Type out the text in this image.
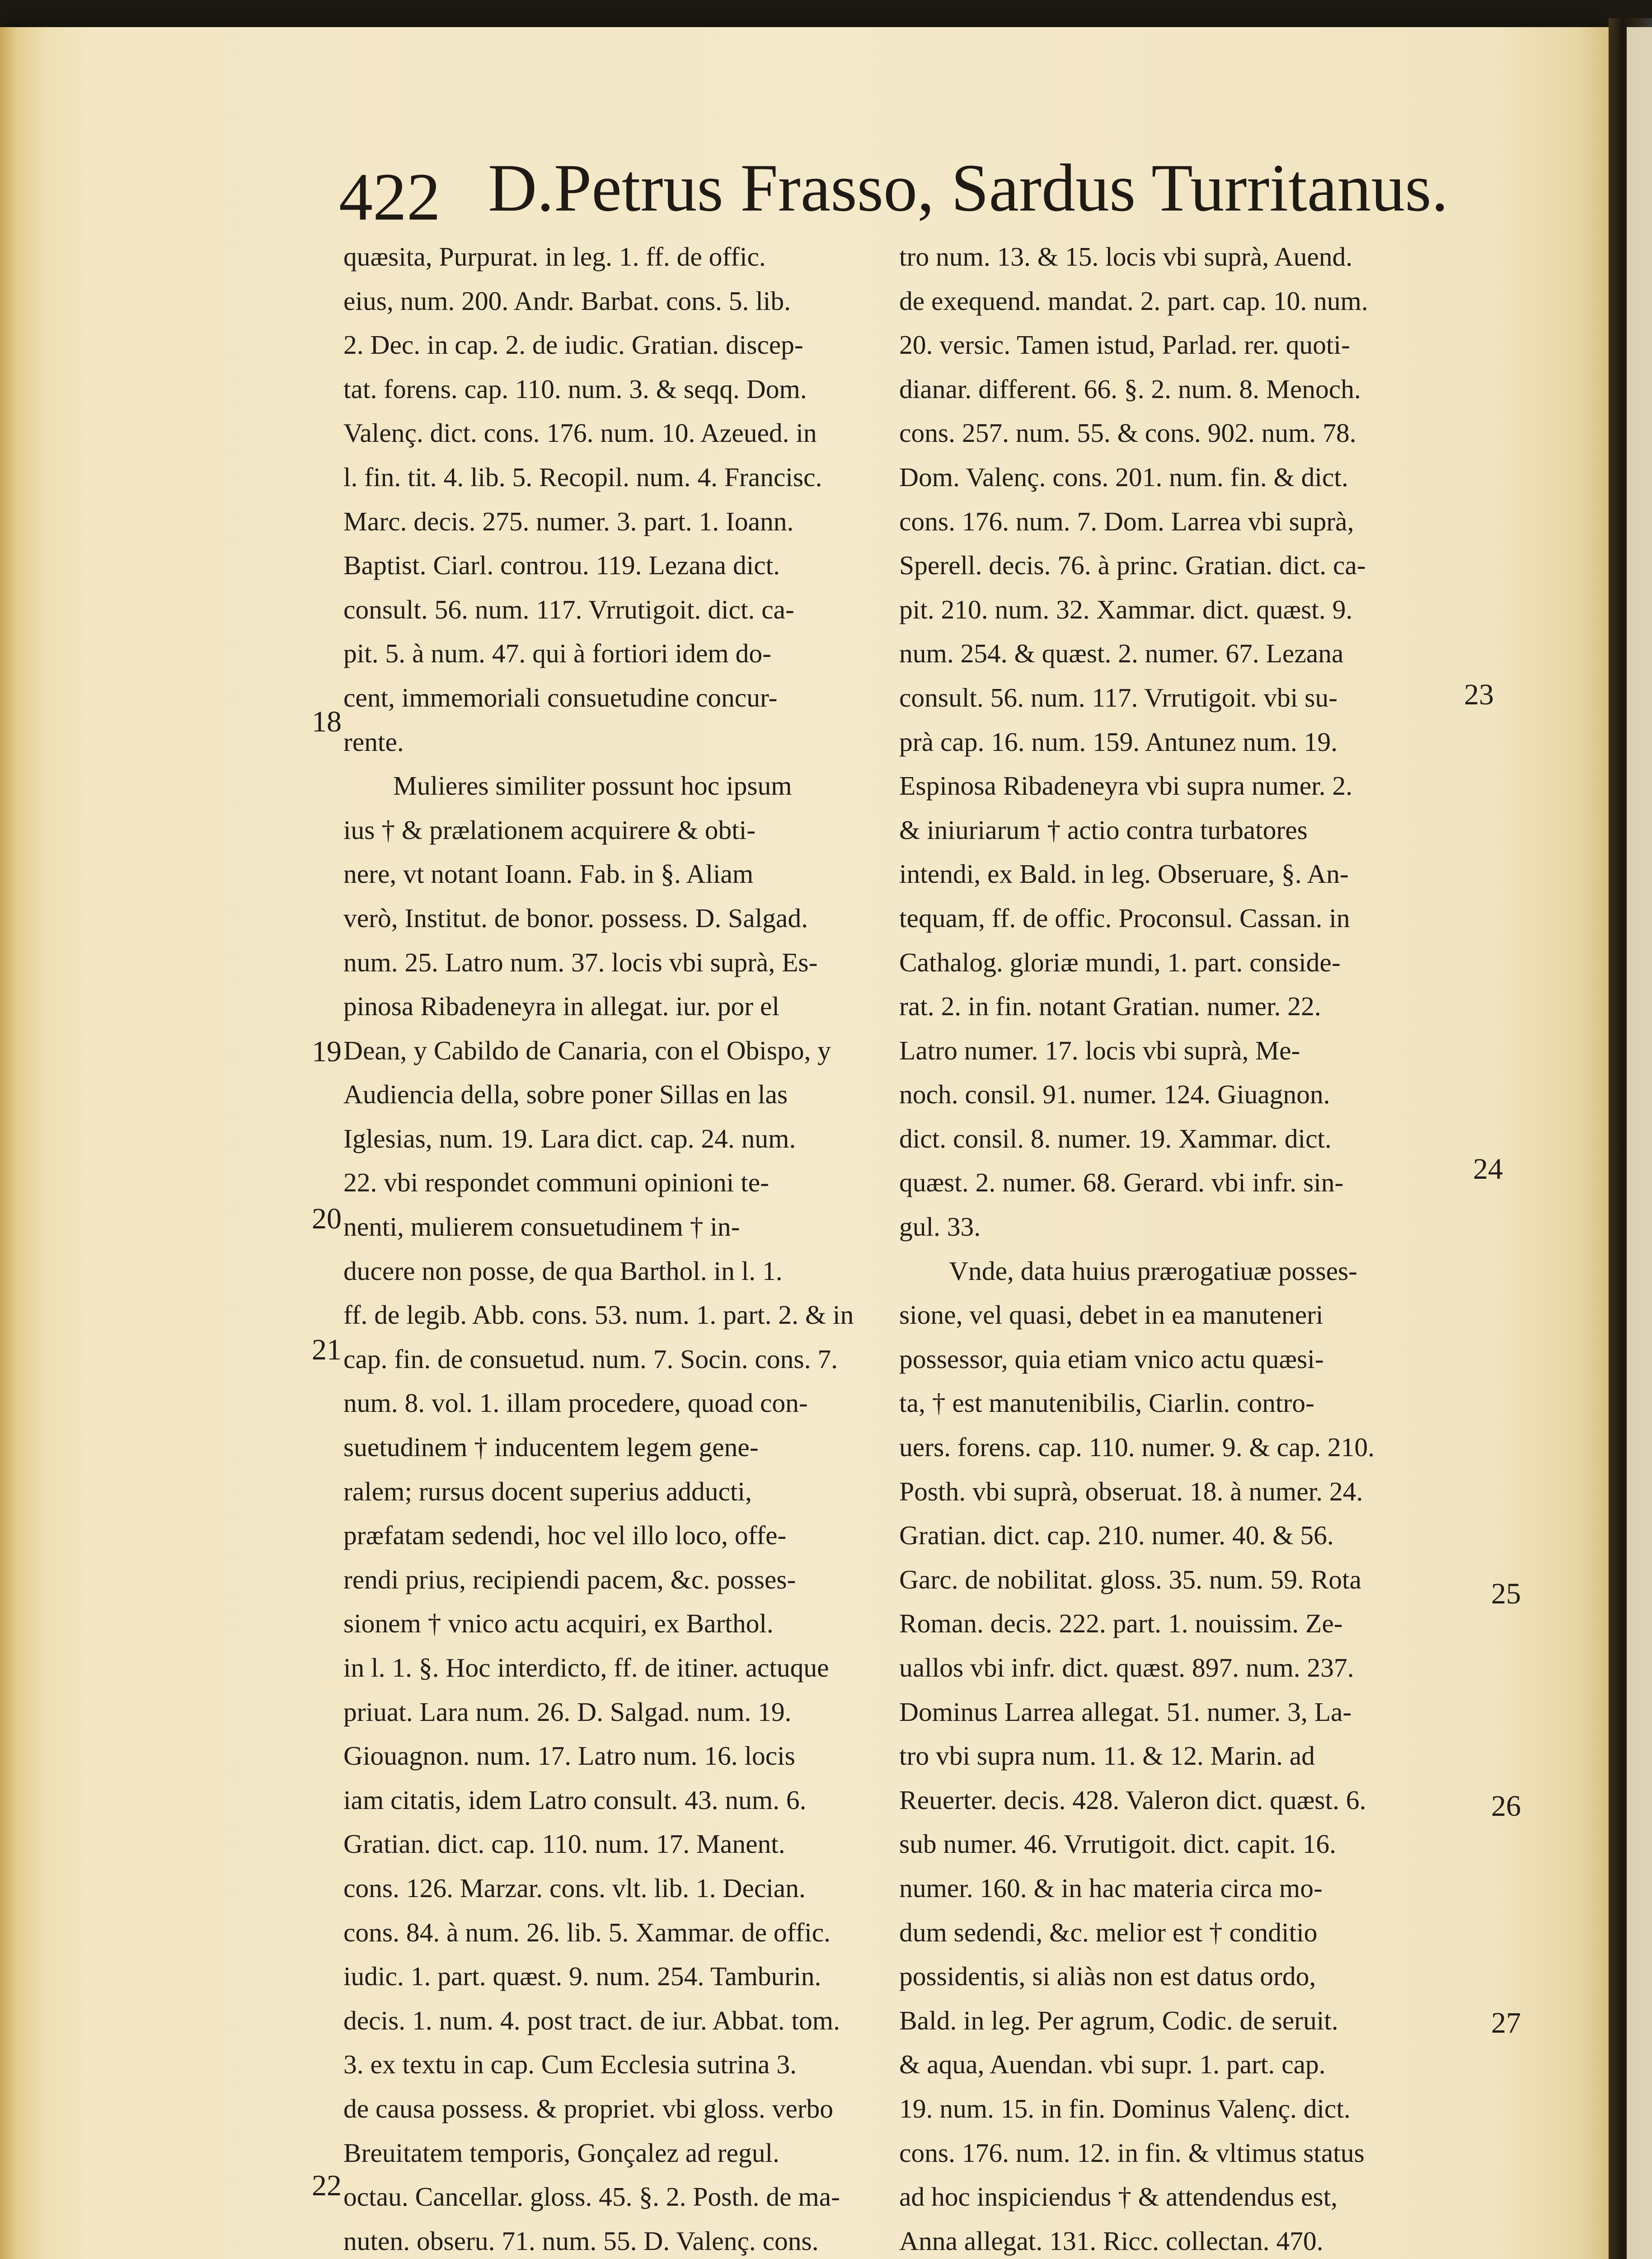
422 D.Petrus Frasso, Sardus Turritanus.
quæsita, Purpurat. in leg. 1. ff. de offic.
eius, num. 200. Andr. Barbat. cons. 5. lib.
2. Dec. in cap. 2. de iudic. Gratian. discep-
tat. forens. cap. 110. num. 3. & seqq. Dom.
Valenç. dict. cons. 176. num. 10. Azeued. in
l. fin. tit. 4. lib. 5. Recopil. num. 4. Francisc.
Marc. decis. 275. numer. 3. part. 1. Ioann.
Baptist. Ciarl. controu. 119. Lezana dict.
consult. 56. num. 117. Vrrutigoit. dict. ca-
pit. 5. à num. 47. qui à fortiori idem do-
cent, immemoriali consuetudine concur-
rente.
Mulieres similiter possunt hoc ipsum
ius † & prælationem acquirere & obti-
nere, vt notant Ioann. Fab. in §. Aliam
verò, Institut. de bonor. possess. D. Salgad.
num. 25. Latro num. 37. locis vbi suprà, Es-
pinosa Ribadeneyra in allegat. iur. por el
Dean, y Cabildo de Canaria, con el Obispo, y
Audiencia della, sobre poner Sillas en las
Iglesias, num. 19. Lara dict. cap. 24. num.
22. vbi respondet communi opinioni te-
nenti, mulierem consuetudinem † in-
ducere non posse, de qua Barthol. in l. 1.
ff. de legib. Abb. cons. 53. num. 1. part. 2. & in
cap. fin. de consuetud. num. 7. Socin. cons. 7.
num. 8. vol. 1. illam procedere, quoad con-
suetudinem † inducentem legem gene-
ralem; rursus docent superius adducti,
præfatam sedendi, hoc vel illo loco, offe-
rendi prius, recipiendi pacem, &c. posses-
sionem † vnico actu acquiri, ex Barthol.
in l. 1. §. Hoc interdicto, ff. de itiner. actuque
priuat. Lara num. 26. D. Salgad. num. 19.
Giouagnon. num. 17. Latro num. 16. locis
iam citatis, idem Latro consult. 43. num. 6.
Gratian. dict. cap. 110. num. 17. Manent.
cons. 126. Marzar. cons. vlt. lib. 1. Decian.
cons. 84. à num. 26. lib. 5. Xammar. de offic.
iudic. 1. part. quæst. 9. num. 254. Tamburin.
decis. 1. num. 4. post tract. de iur. Abbat. tom.
3. ex textu in cap. Cum Ecclesia sutrina 3.
de causa possess. & propriet. vbi gloss. verbo
Breuitatem temporis, Gonçalez ad regul.
octau. Cancellar. gloss. 45. §. 2. Posth. de ma-
nuten. obseru. 71. num. 55. D. Valenç. cons.
tro num. 13. & 15. locis vbi suprà, Auend.
de exequend. mandat. 2. part. cap. 10. num.
20. versic. Tamen istud, Parlad. rer. quoti-
dianar. different. 66. §. 2. num. 8. Menoch.
cons. 257. num. 55. & cons. 902. num. 78.
Dom. Valenç. cons. 201. num. fin. & dict.
cons. 176. num. 7. Dom. Larrea vbi suprà,
Sperell. decis. 76. à princ. Gratian. dict. ca-
pit. 210. num. 32. Xammar. dict. quæst. 9.
num. 254. & quæst. 2. numer. 67. Lezana
consult. 56. num. 117. Vrrutigoit. vbi su-
prà cap. 16. num. 159. Antunez num. 19.
Espinosa Ribadeneyra vbi supra numer. 2.
& iniuriarum † actio contra turbatores
intendi, ex Bald. in leg. Obseruare, §. An-
tequam, ff. de offic. Proconsul. Cassan. in
Cathalog. gloriæ mundi, 1. part. conside-
rat. 2. in fin. notant Gratian. numer. 22.
Latro numer. 17. locis vbi suprà, Me-
noch. consil. 91. numer. 124. Giuagnon.
dict. consil. 8. numer. 19. Xammar. dict.
quæst. 2. numer. 68. Gerard. vbi infr. sin-
gul. 33.
Vnde, data huius prærogatiuæ posses-
sione, vel quasi, debet in ea manuteneri
possessor, quia etiam vnico actu quæsi-
ta, † est manutenibilis, Ciarlin. contro-
uers. forens. cap. 110. numer. 9. & cap. 210.
Posth. vbi suprà, obseruat. 18. à numer. 24.
Gratian. dict. cap. 210. numer. 40. & 56.
Garc. de nobilitat. gloss. 35. num. 59. Rota
Roman. decis. 222. part. 1. nouissim. Ze-
uallos vbi infr. dict. quæst. 897. num. 237.
Dominus Larrea allegat. 51. numer. 3, La-
tro vbi supra num. 11. & 12. Marin. ad
Reuerter. decis. 428. Valeron dict. quæst. 6.
sub numer. 46. Vrrutigoit. dict. capit. 16.
numer. 160. & in hac materia circa mo-
dum sedendi, &c. melior est † conditio
possidentis, si aliàs non est datus ordo,
Bald. in leg. Per agrum, Codic. de seruit.
& aqua, Auendan. vbi supr. 1. part. cap.
19. num. 15. in fin. Dominus Valenç. dict.
cons. 176. num. 12. in fin. & vltimus status
ad hoc inspiciendus † & attendendus est,
Anna allegat. 131. Ricc. collectan. 470.
18
19
20
21
22
23
24
25
26
27
